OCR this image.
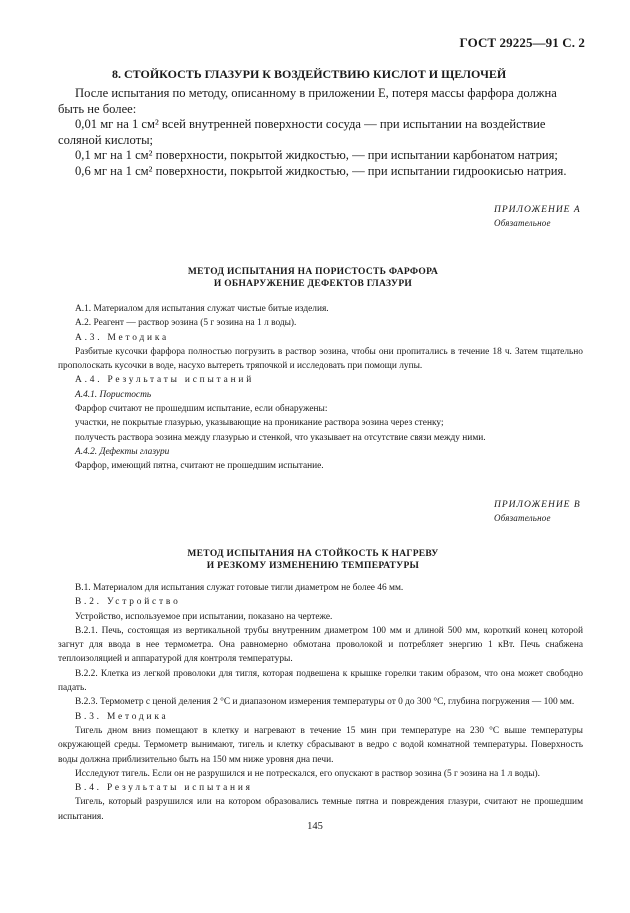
ГОСТ 29225—91 С. 2
8. СТОЙКОСТЬ ГЛАЗУРИ К ВОЗДЕЙСТВИЮ КИСЛОТ И ЩЕЛОЧЕЙ
После испытания по методу, описанному в приложении Е, потеря массы фарфора должна быть не более:
0,01 мг на 1 см² всей внутренней поверхности сосуда — при испытании на воздействие соляной кислоты;
0,1 мг на 1 см² поверхности, покрытой жидкостью, — при испытании карбонатом натрия;
0,6 мг на 1 см² поверхности, покрытой жидкостью, — при испытании гидроокисью натрия.
ПРИЛОЖЕНИЕ А
Обязательное
МЕТОД ИСПЫТАНИЯ НА ПОРИСТОСТЬ ФАРФОРА
И ОБНАРУЖЕНИЕ ДЕФЕКТОВ ГЛАЗУРИ

А.1. Материалом для испытания служат чистые битые изделия.

А.2. Реагент — раствор эозина (5 г эозина на 1 л воды).

А.3. Методика

Разбитые кусочки фарфора полностью погрузить в раствор эозина, чтобы они пропитались в течение 18 ч. Затем тщательно прополоскать кусочки в воде, насухо вытереть тряпочкой и исследовать при помощи лупы.

А.4. Результаты испытаний

А.4.1. Пористость

Фарфор считают не прошедшим испытание, если обнаружены:

участки, не покрытые глазурью, указывающие на проникание раствора эозина через стенку;

получесть раствора эозина между глазурью и стенкой, что указывает на отсутствие связи между ними.

А.4.2. Дефекты глазури

Фарфор, имеющий пятна, считают не прошедшим испытание.

ПРИЛОЖЕНИЕ В
Обязательное
МЕТОД ИСПЫТАНИЯ НА СТОЙКОСТЬ К НАГРЕВУ
И РЕЗКОМУ ИЗМЕНЕНИЮ ТЕМПЕРАТУРЫ

В.1. Материалом для испытания служат готовые тигли диаметром не более 46 мм.

В.2. Устройство

Устройство, используемое при испытании, показано на чертеже.

В.2.1. Печь, состоящая из вертикальной трубы внутренним диаметром 100 мм и длиной 500 мм, короткий конец которой загнут для ввода в нее термометра. Она равномерно обмотана проволокой и потребляет энергию 1 кВт. Печь снабжена теплоизоляцией и аппаратурой для контроля температуры.

В.2.2. Клетка из легкой проволоки для тигля, которая подвешена к крышке горелки таким образом, что она может свободно падать.

В.2.3. Термометр с ценой деления 2 °С и диапазоном измерения температуры от 0 до 300 °С, глубина погружения — 100 мм.

В.3. Методика

Тигель дном вниз помещают в клетку и нагревают в течение 15 мин при температуре на 230 °С выше температуры окружающей среды. Термометр вынимают, тигель и клетку сбрасывают в ведро с водой комнатной температуры. Поверхность воды должна приблизительно быть на 150 мм ниже уровня дна печи.

Исследуют тигель. Если он не разрушился и не потрескался, его опускают в раствор эозина (5 г эозина на 1 л воды).

В.4. Результаты испытания

Тигель, который разрушился или на котором образовались темные пятна и повреждения глазури, считают не прошедшим испытания.

145
